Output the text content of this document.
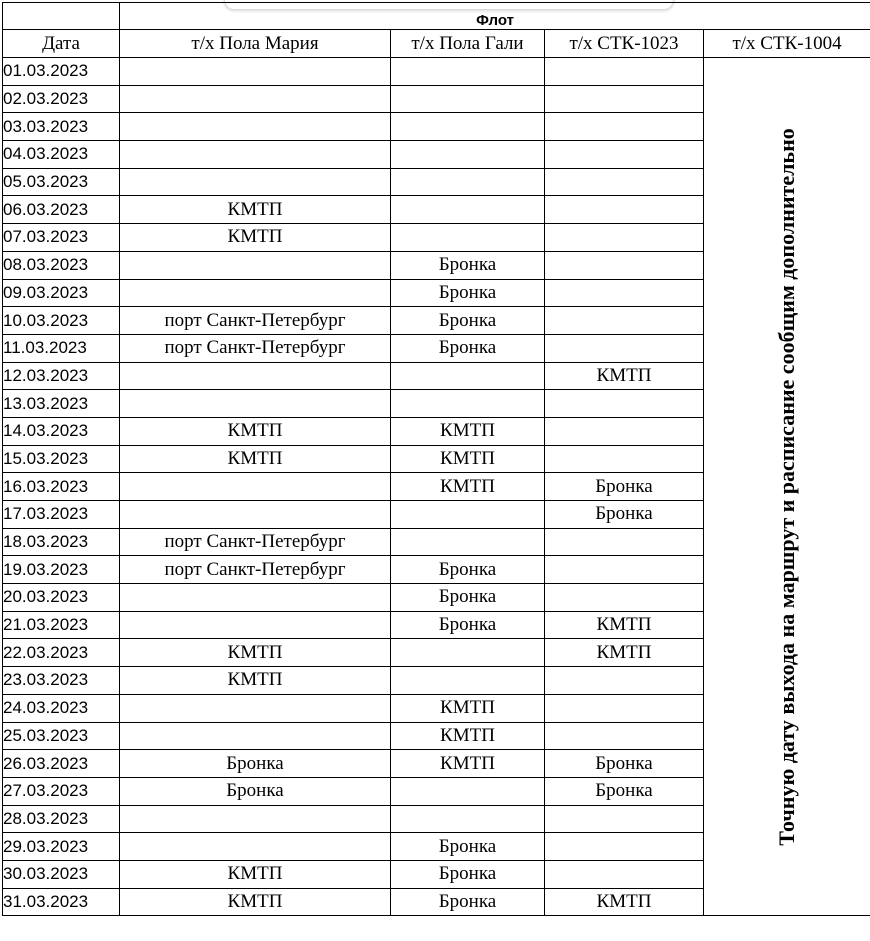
	Флот			
Дата	т/х Пола Мария	т/х Пола Гали	т/х СТК-1023	т/х СТК-1004
01.03.2023				Точную дату выхода на маршрут и расписание сообщим дополнительно

02.03.2023				
03.03.2023				
04.03.2023				
05.03.2023				
06.03.2023	КМТП			
07.03.2023	КМТП			
08.03.2023		Бронка		
09.03.2023		Бронка		
10.03.2023	порт Санкт-Петербург	Бронка		
11.03.2023	порт Санкт-Петербург	Бронка		
12.03.2023			КМТП	
13.03.2023				
14.03.2023	КМТП	КМТП		
15.03.2023	КМТП	КМТП		
16.03.2023		КМТП	Бронка	
17.03.2023			Бронка	
18.03.2023	порт Санкт-Петербург			
19.03.2023	порт Санкт-Петербург	Бронка		
20.03.2023		Бронка		
21.03.2023		Бронка	КМТП	
22.03.2023	КМТП		КМТП	
23.03.2023	КМТП			
24.03.2023		КМТП		
25.03.2023		КМТП		
26.03.2023	Бронка	КМТП	Бронка	
27.03.2023	Бронка		Бронка	
28.03.2023				
29.03.2023		Бронка		
30.03.2023	КМТП	Бронка		
31.03.2023	КМТП	Бронка	КМТП	
